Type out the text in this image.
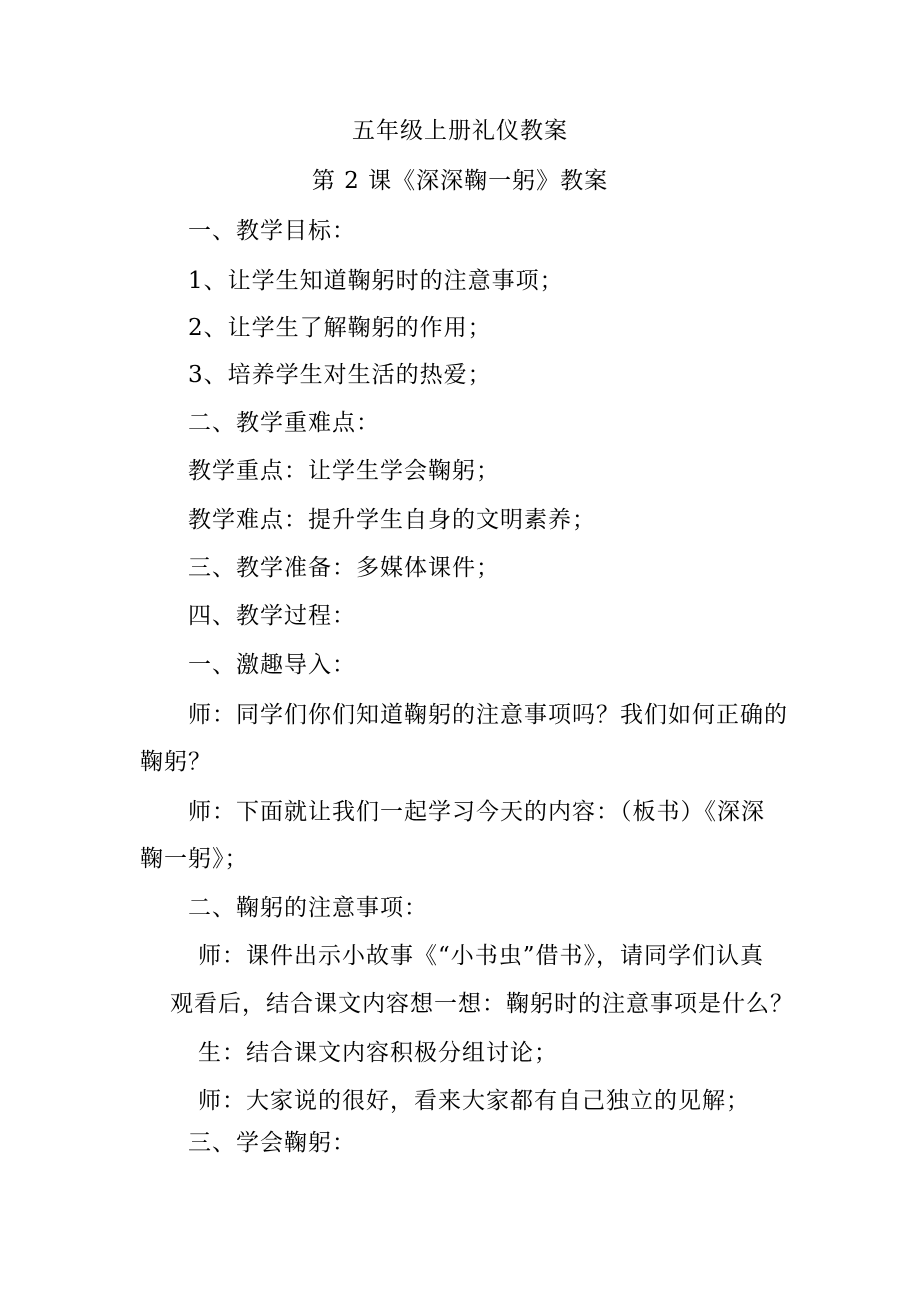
五年级上册礼仪教案
第 2 课《深深鞠一躬》教案
一、教学目标：
1、让学生知道鞠躬时的注意事项；
2、让学生了解鞠躬的作用；
3、培养学生对生活的热爱；
二、教学重难点：
教学重点：让学生学会鞠躬；
教学难点：提升学生自身的文明素养；
三、教学准备：多媒体课件；
四、教学过程：
一、激趣导入：
师：同学们你们知道鞠躬的注意事项吗？我们如何正确的
鞠躬？
师：下面就让我们一起学习今天的内容：（板书）《深深
鞠一躬》；
二、鞠躬的注意事项：
师：课件出示小故事《“小书虫”借书》，请同学们认真
观看后，结合课文内容想一想：鞠躬时的注意事项是什么？
生：结合课文内容积极分组讨论；
师：大家说的很好，看来大家都有自己独立的见解；
三、学会鞠躬：
